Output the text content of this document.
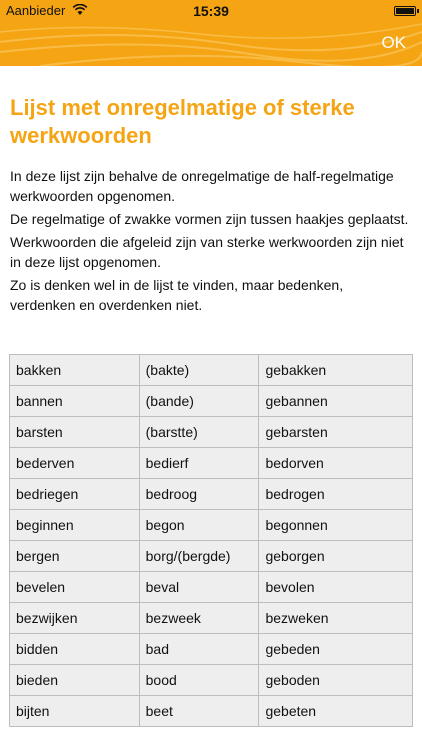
Aanbieder	15:39
OK
Lijst met onregelmatige of sterke werkwoorden

In deze lijst zijn behalve de onregelmatige de half-regelmatige werkwoorden opgenomen.

De regelmatige of zwakke vormen zijn tussen haakjes geplaatst.

Werkwoorden die afgeleid zijn van sterke werkwoorden zijn niet in deze lijst opgenomen.

Zo is denken wel in de lijst te vinden, maar bedenken, verdenken en overdenken niet.

bakken	(bakte)	gebakken
bannen	(bande)	gebannen
barsten	(barstte)	gebarsten
bederven	bedierf	bedorven
bedriegen	bedroog	bedrogen
beginnen	begon	begonnen
bergen	borg/(bergde)	geborgen
bevelen	beval	bevolen
bezwijken	bezweek	bezweken
bidden	bad	gebeden
bieden	bood	geboden
bijten	beet	gebeten
